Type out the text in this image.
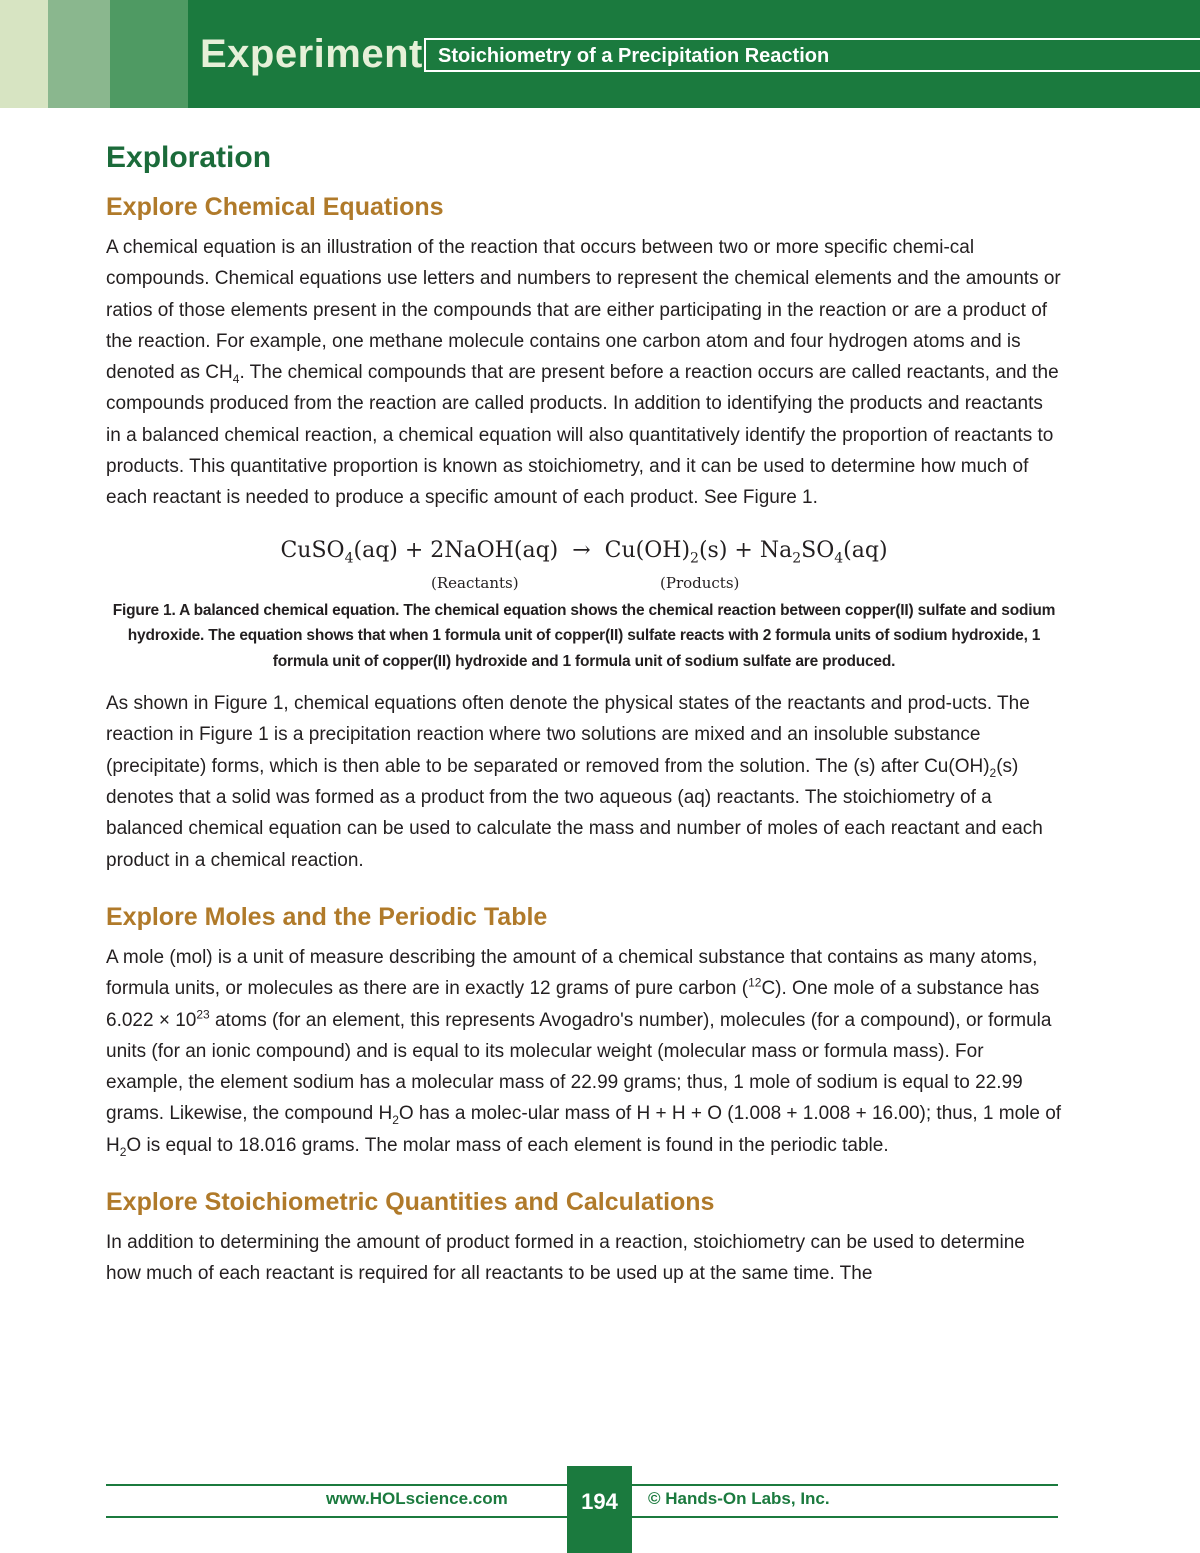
Experiment Stoichiometry of a Precipitation Reaction
Exploration
Explore Chemical Equations

A chemical equation is an illustration of the reaction that occurs between two or more specific chemi-cal compounds. Chemical equations use letters and numbers to represent the chemical elements and the amounts or ratios of those elements present in the compounds that are either participating in the reaction or are a product of the reaction. For example, one methane molecule contains one carbon atom and four hydrogen atoms and is denoted as $CH_4$. The chemical compounds that are present before a reaction occurs are called reactants, and the compounds produced from the reaction are called products. In addition to identifying the products and reactants in a balanced chemical reaction, a chemical equation will also quantitatively identify the proportion of reactants to products. This quantitative proportion is known as stoichiometry, and it can be used to determine how much of each reactant is needed to produce a specific amount of each product. See Figure 1.

CuSO$_4$(aq) + 2NaOH(aq)  →  $Cu(OH)_2(s) + Na_2SO_4(aq)$
(Reactants)	(Products)

Figure 1. A balanced chemical equation. The chemical equation shows the chemical reaction between copper(II) sulfate and sodium hydroxide. The equation shows that when 1 formula unit of copper(II) sulfate reacts with 2 formula units of sodium hydroxide, 1 formula unit of copper(II) hydroxide and 1 formula unit of sodium sulfate are produced.

As shown in Figure 1, chemical equations often denote the physical states of the reactants and prod-ucts. The reaction in Figure 1 is a precipitation reaction where two solutions are mixed and an insoluble substance (precipitate) forms, which is then able to be separated or removed from the solution. The (s) after $Cu(OH)_2(s)$ denotes that a solid was formed as a product from the two aqueous (aq) reactants. The stoichiometry of a balanced chemical equation can be used to calculate the mass and number of moles of each reactant and each product in a chemical reaction.

Explore Moles and the Periodic Table

A mole (mol) is a unit of measure describing the amount of a chemical substance that contains as many atoms, formula units, or molecules as there are in exactly 12 grams of pure carbon ($^{12}$C). One mole of a substance has $6.022 \times 10^{23}$ atoms (for an element, this represents Avogadro's number), molecules (for a compound), or formula units (for an ionic compound) and is equal to its molecular weight (molecular mass or formula mass). For example, the element sodium has a molecular mass of 22.99 grams; thus, 1 mole of sodium is equal to 22.99 grams. Likewise, the compound $H_2O$ has a molec-ular mass of H + H + O (1.008 + 1.008 + 16.00); thus, 1 mole of $H_2O$ is equal to 18.016 grams. The molar mass of each element is found in the periodic table.

Explore Stoichiometric Quantities and Calculations

In addition to determining the amount of product formed in a reaction, stoichiometry can be used to determine how much of each reactant is required for all reactants to be used up at the same time. The

www.HOLscience.com	194	© Hands-On Labs, Inc.
